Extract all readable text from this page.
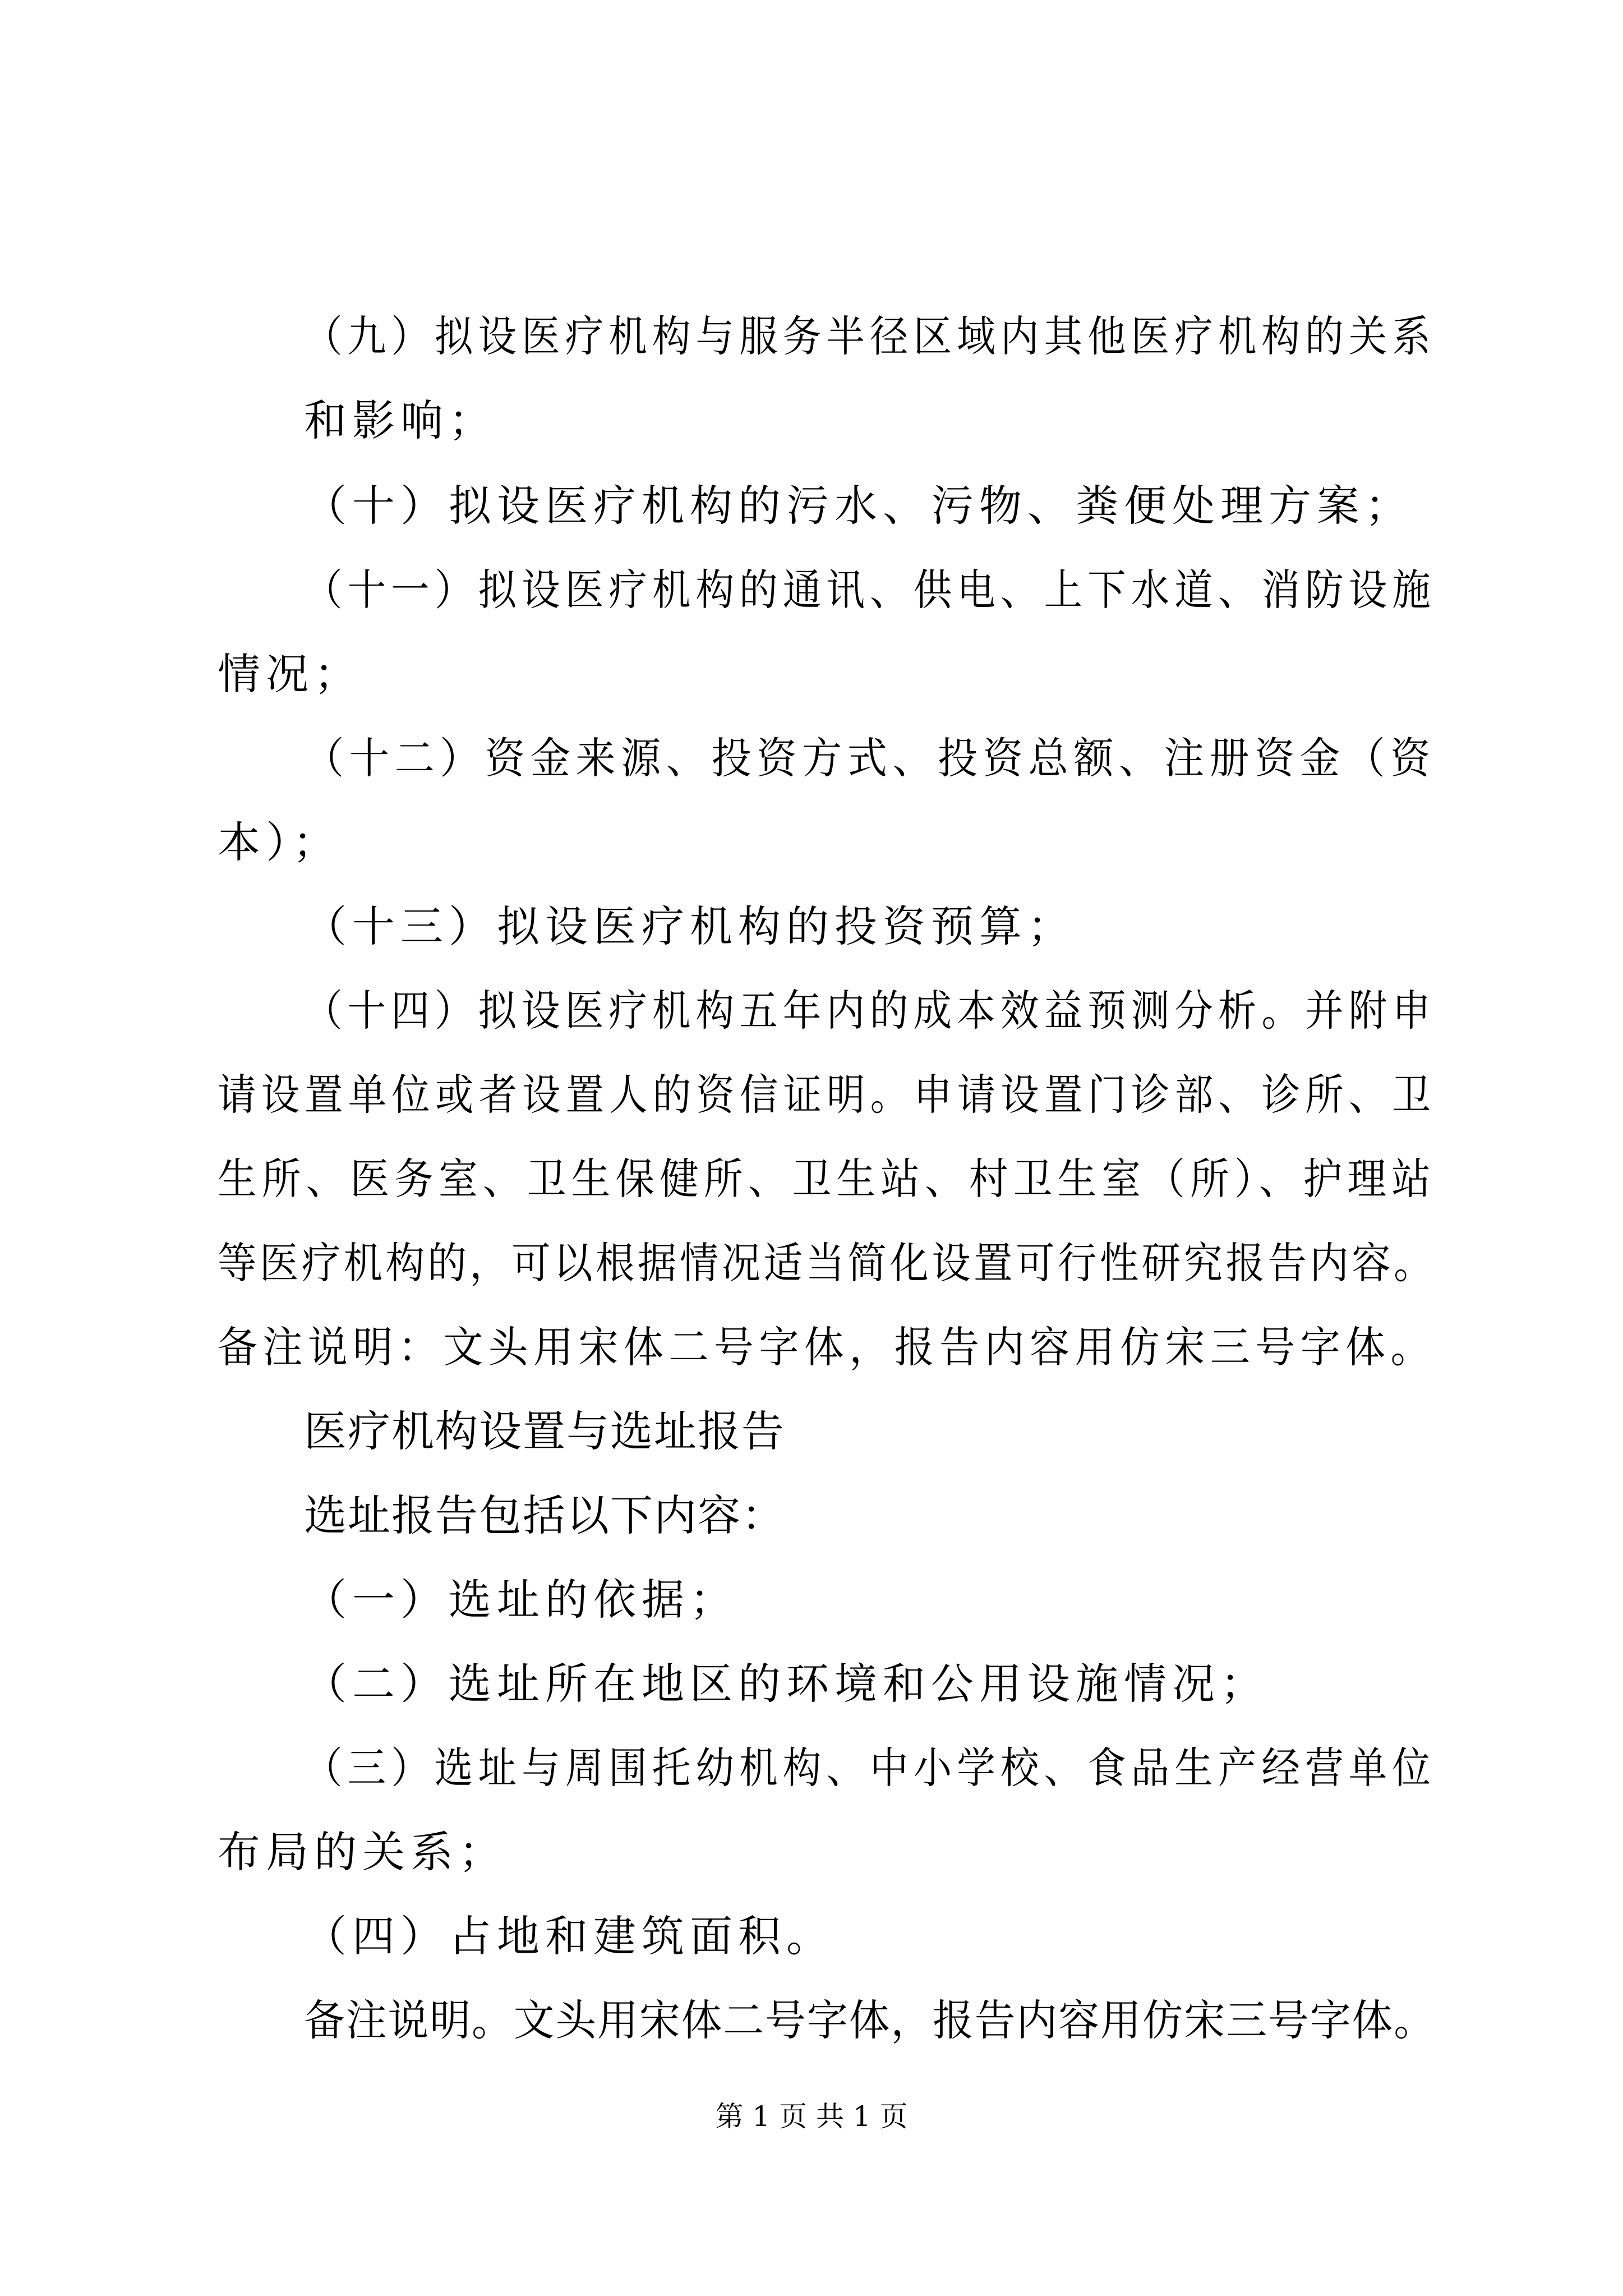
（九）拟设医疗机构与服务半径区域内其他医疗机构的关系
和影响；
（十）拟设医疗机构的污水、污物、粪便处理方案；
（十一）拟设医疗机构的通讯、供电、上下水道、消防设施
情况；
（十二）资金来源、投资方式、投资总额、注册资金（资
本）；
（十三）拟设医疗机构的投资预算；
（十四）拟设医疗机构五年内的成本效益预测分析。并附申
请设置单位或者设置人的资信证明。申请设置门诊部、诊所、卫
生所、医务室、卫生保健所、卫生站、村卫生室（所）、护理站
等医疗机构的，可以根据情况适当简化设置可行性研究报告内容。
备注说明：文头用宋体二号字体，报告内容用仿宋三号字体。
医疗机构设置与选址报告
选址报告包括以下内容：
（一）选址的依据；
（二）选址所在地区的环境和公用设施情况；
（三）选址与周围托幼机构、中小学校、食品生产经营单位
布局的关系；
（四）占地和建筑面积。
备注说明。文头用宋体二号字体，报告内容用仿宋三号字体。
第 1 页 共 1 页
